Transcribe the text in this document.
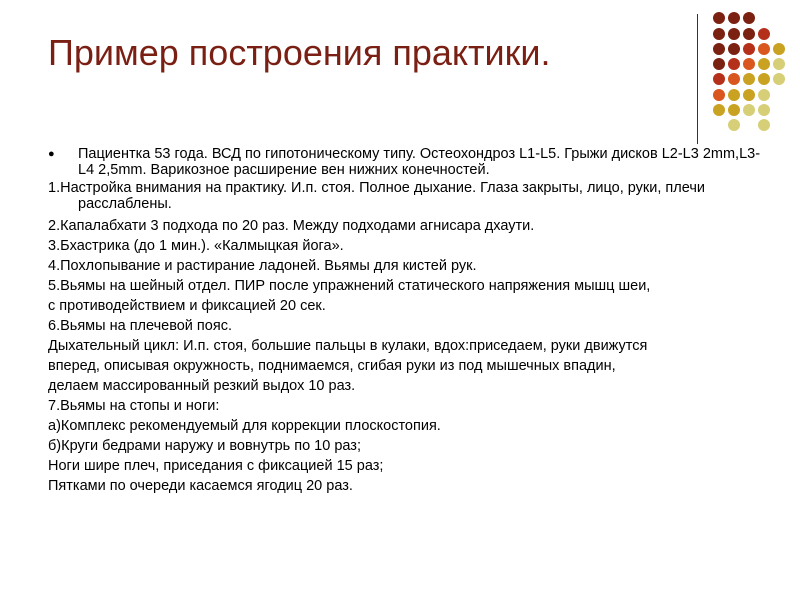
Пример построения практики.
● Пациентка 53 года. ВСД по гипотоническому типу. Остеохондроз L1-L5. Грыжи дисков L2-L3 2mm,L3-L4 2,5mm. Варикозное расширение вен нижних конечностей.
1.Настройка внимания на практику. И.п. стоя. Полное дыхание. Глаза закрыты, лицо, руки, плечи расслаблены.
2.Капалабхати 3 подхода по 20 раз. Между подходами агнисара дхаути.
3.Бхастрика (до 1 мин.). «Калмыцкая йога».
4.Похлопывание и растирание ладоней. Вьямы для кистей рук.
5.Вьямы на шейный отдел. ПИР после упражнений статического напряжения мышц шеи,
с противодействием и фиксацией 20 сек.
6.Вьямы на плечевой пояс.
Дыхательный цикл: И.п. стоя, большие пальцы в кулаки, вдох:приседаем, руки движутся
вперед, описывая окружность, поднимаемся, сгибая руки из под мышечных впадин,
делаем массированный резкий выдох 10 раз.
7.Вьямы на стопы и ноги:
а)Комплекс рекомендуемый для коррекции плоскостопия.
б)Круги бедрами наружу и вовнутрь по 10 раз;
Ноги шире плеч, приседания с фиксацией 15 раз;
Пятками по очереди касаемся ягодиц 20 раз.
